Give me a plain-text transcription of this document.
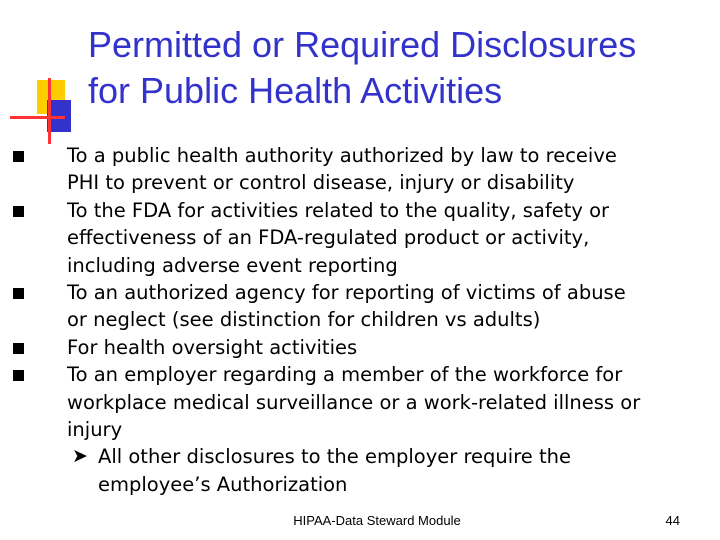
Permitted or Required Disclosures
for Public Health Activities
To a public health authority authorized by law to receive
PHI to prevent or control disease, injury or disability
To the FDA for activities related to the quality, safety or
effectiveness of an FDA-regulated product or activity,
including adverse event reporting
To an authorized agency for reporting of victims of abuse
or neglect (see distinction for children vs adults)
For health oversight activities
To an employer regarding a member of the workforce for
workplace medical surveillance or a work-related illness or
injury
➤ All other disclosures to the employer require the
employee’s Authorization
HIPAA-Data Steward Module	44
